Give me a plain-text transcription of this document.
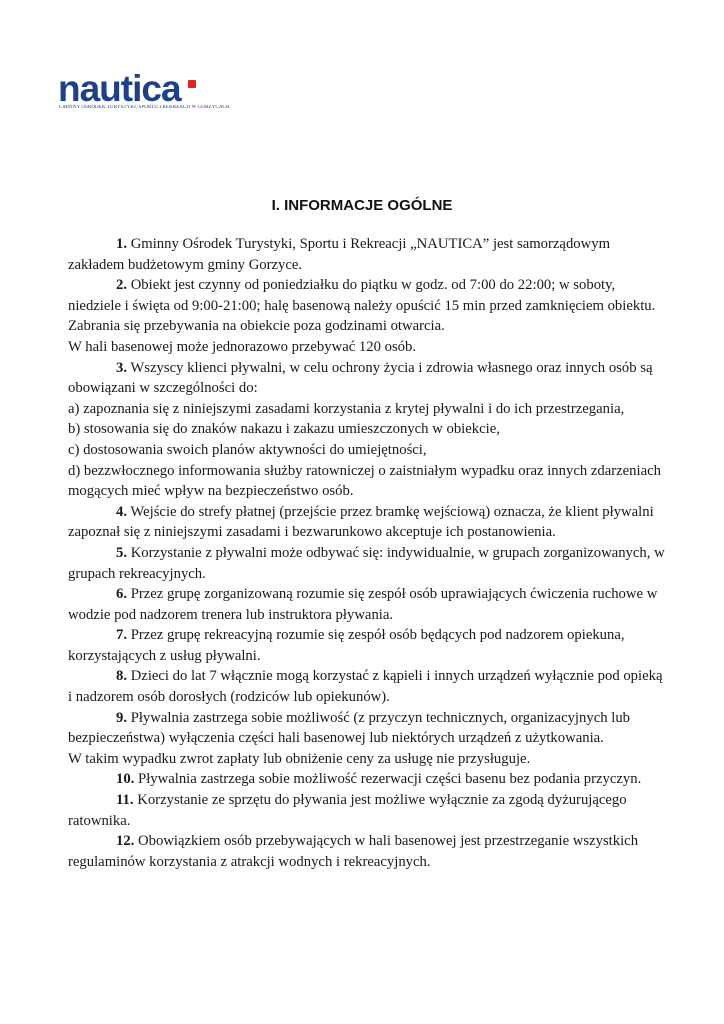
nautica
GMINNY OŚRODEK TURYSTYKI, SPORTU I REKREACJI W GORZYCACH
I. INFORMACJE OGÓLNE

1. Gminny Ośrodek Turystyki, Sportu i Rekreacji „NAUTICA” jest samorządowym zakładem budżetowym gminy Gorzyce.

2. Obiekt jest czynny od poniedziałku do piątku w godz. od 7:00 do 22:00; w soboty, niedziele i święta od 9:00-21:00; halę basenową należy opuścić 15 min przed zamknięciem obiektu.

Zabrania się przebywania na obiekcie poza godzinami otwarcia.

W hali basenowej może jednorazowo przebywać 120 osób.

3. Wszyscy klienci pływalni, w celu ochrony życia i zdrowia własnego oraz innych osób są obowiązani w szczególności do:

a) zapoznania się z niniejszymi zasadami korzystania z krytej pływalni i do ich przestrzegania,

b) stosowania się do znaków nakazu i zakazu umieszczonych w obiekcie,

c) dostosowania swoich planów aktywności do umiejętności,

d) bezzwłocznego informowania służby ratowniczej o zaistniałym wypadku oraz innych zdarzeniach mogących mieć wpływ na bezpieczeństwo osób.

4. Wejście do strefy płatnej (przejście przez bramkę wejściową) oznacza, że klient pływalni zapoznał się z niniejszymi zasadami i bezwarunkowo akceptuje ich postanowienia.

5. Korzystanie z pływalni może odbywać się: indywidualnie, w grupach zorganizowanych, w grupach rekreacyjnych.

6. Przez grupę zorganizowaną rozumie się zespół osób uprawiających ćwiczenia ruchowe w wodzie pod nadzorem trenera lub instruktora pływania.

7. Przez grupę rekreacyjną rozumie się zespół osób będących pod nadzorem opiekuna, korzystających z usług pływalni.

8. Dzieci do lat 7 włącznie mogą korzystać z kąpieli i innych urządzeń wyłącznie pod opieką i nadzorem osób dorosłych (rodziców lub opiekunów).

9. Pływalnia zastrzega sobie możliwość (z przyczyn technicznych, organizacyjnych lub bezpieczeństwa) wyłączenia części hali basenowej lub niektórych urządzeń z użytkowania.

W takim wypadku zwrot zapłaty lub obniżenie ceny za usługę nie przysługuje.

10. Pływalnia zastrzega sobie możliwość rezerwacji części basenu bez podania przyczyn.

11. Korzystanie ze sprzętu do pływania jest możliwe wyłącznie za zgodą dyżurującego ratownika.

12. Obowiązkiem osób przebywających w hali basenowej jest przestrzeganie wszystkich regulaminów korzystania z atrakcji wodnych i rekreacyjnych.
